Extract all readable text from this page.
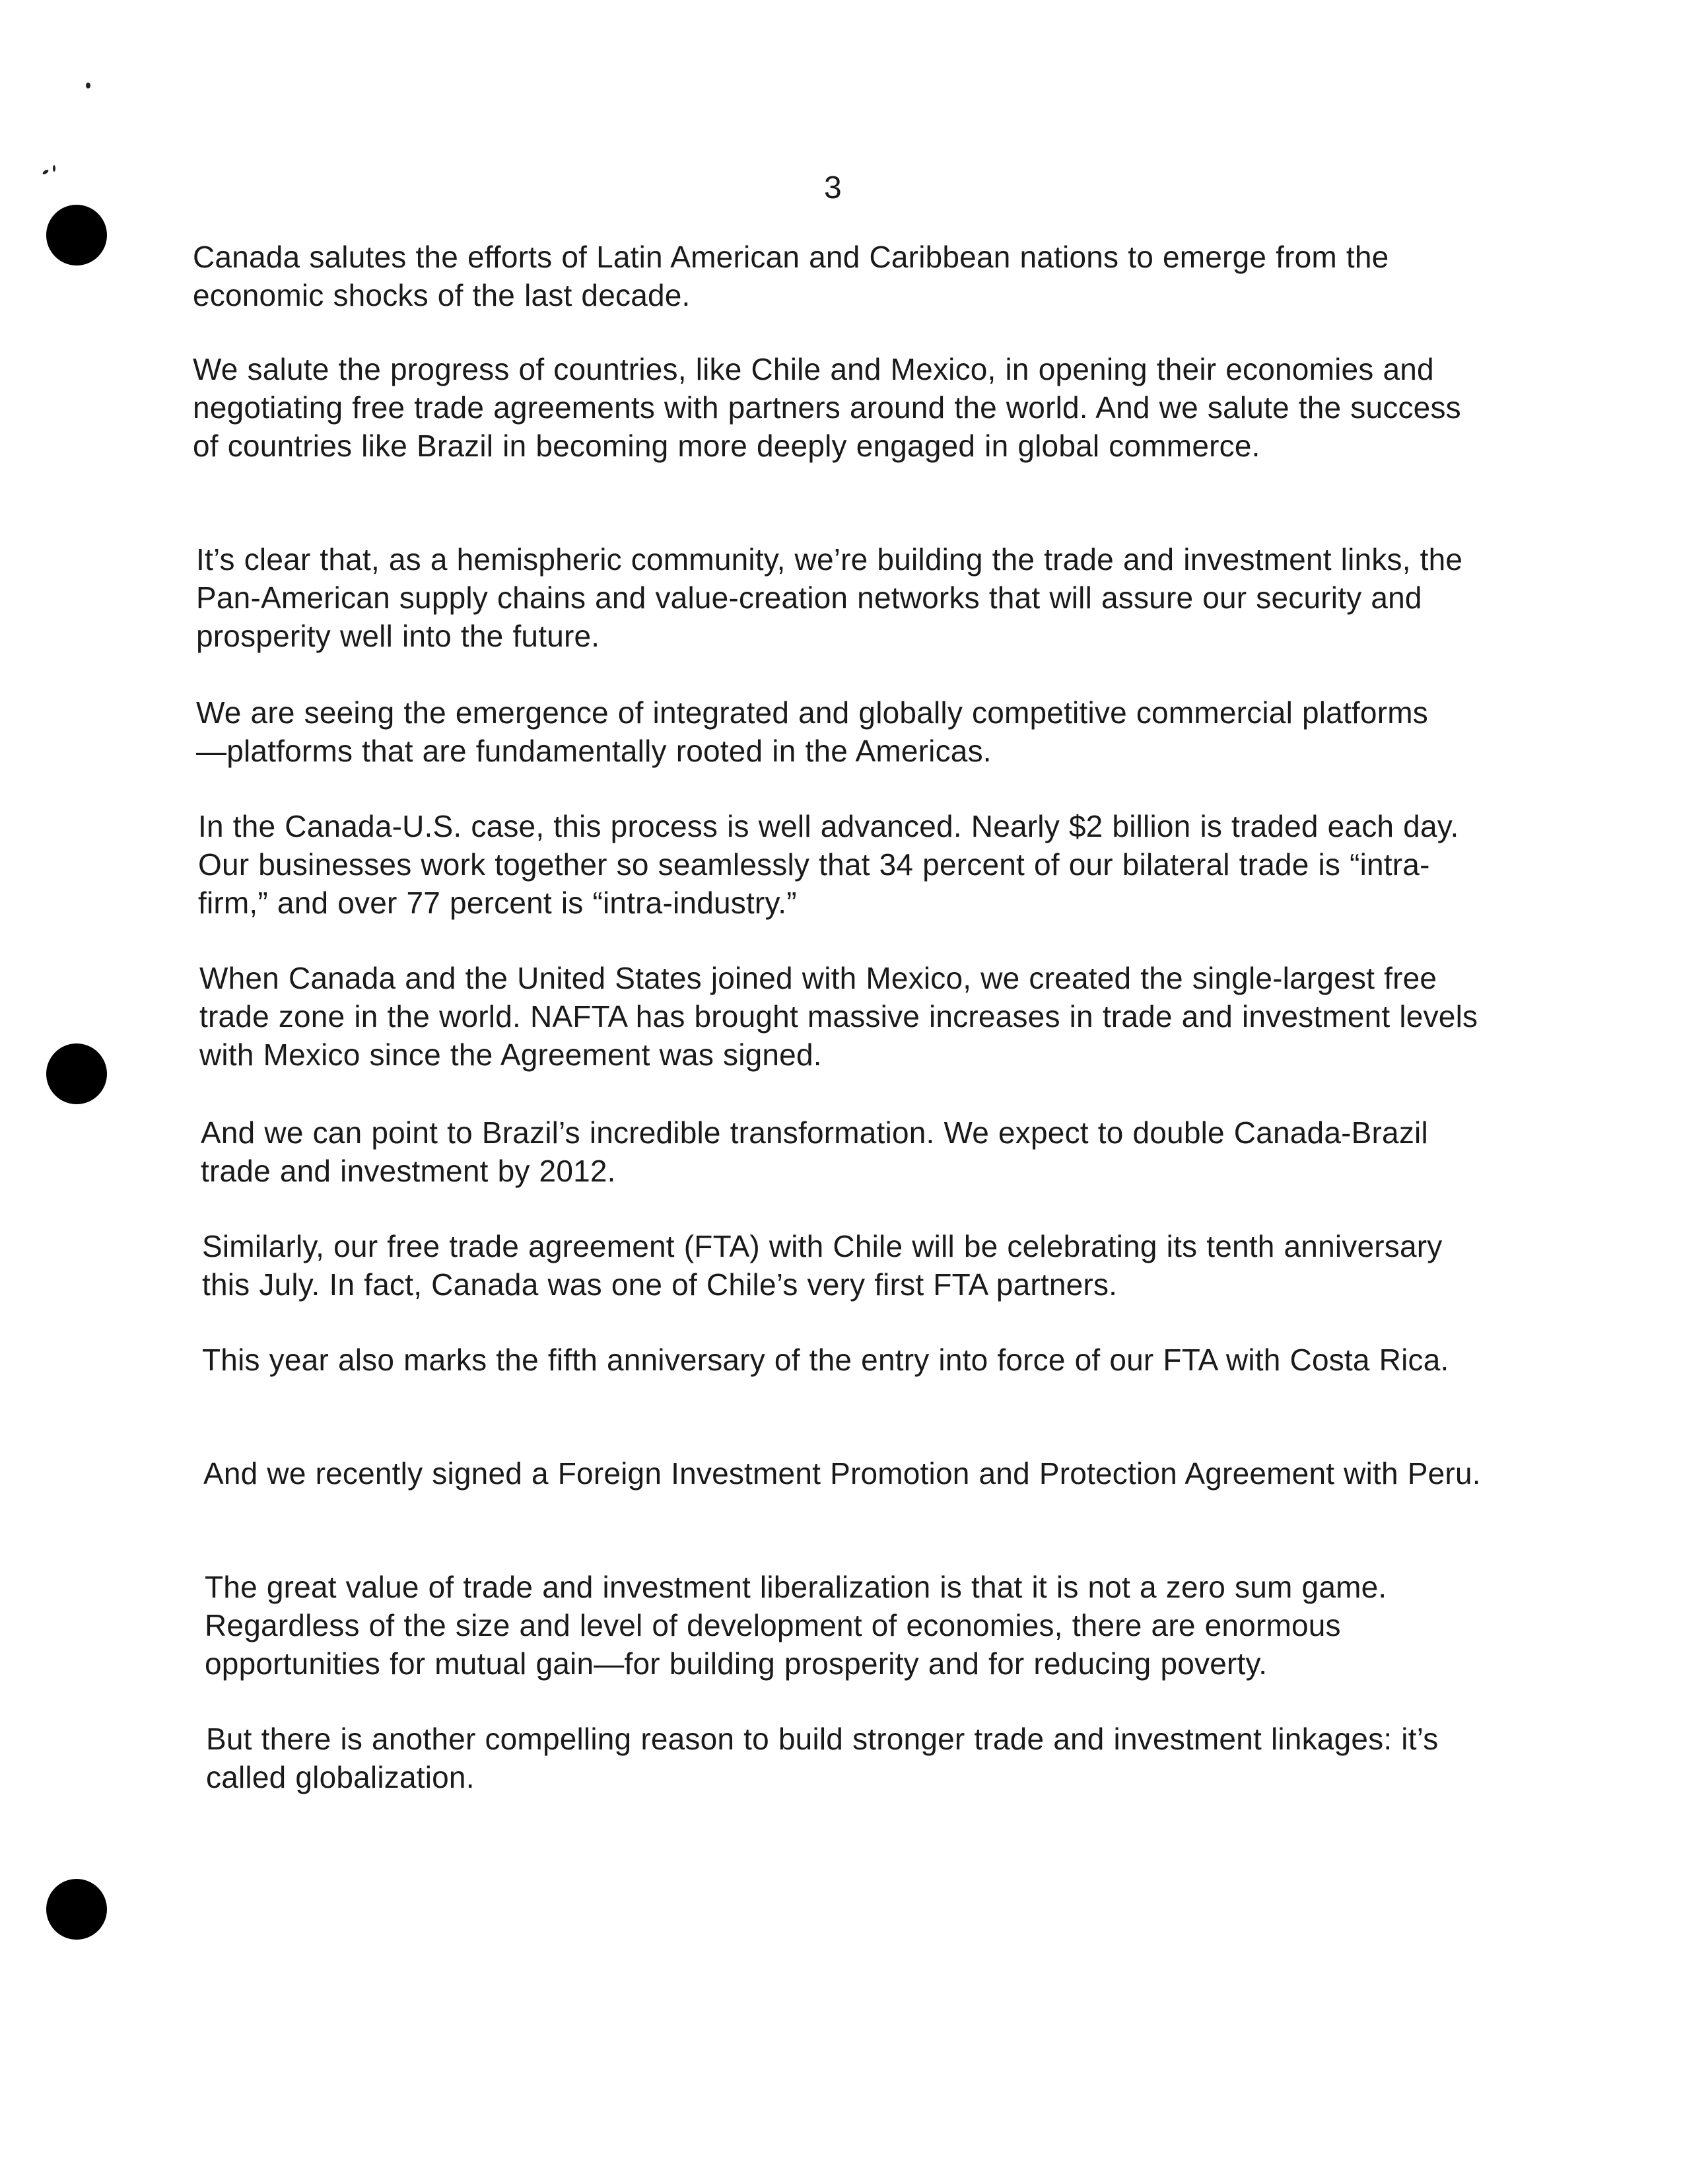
3

Canada salutes the efforts of Latin American and Caribbean nations to emerge from the economic shocks of the last decade.

We salute the progress of countries, like Chile and Mexico, in opening their economies and negotiating free trade agreements with partners around the world. And we salute the success of countries like Brazil in becoming more deeply engaged in global commerce.

It’s clear that, as a hemispheric community, we’re building the trade and investment links, the Pan-American supply chains and value-creation networks that will assure our security and prosperity well into the future.

We are seeing the emergence of integrated and globally competitive commercial platforms—platforms that are fundamentally rooted in the Americas.

In the Canada-U.S. case, this process is well advanced. Nearly $2 billion is traded each day. Our businesses work together so seamlessly that 34 percent of our bilateral trade is “intra-firm,” and over 77 percent is “intra-industry.”

When Canada and the United States joined with Mexico, we created the single-largest free trade zone in the world. NAFTA has brought massive increases in trade and investment levels with Mexico since the Agreement was signed.

And we can point to Brazil’s incredible transformation. We expect to double Canada-Brazil trade and investment by 2012.

Similarly, our free trade agreement (FTA) with Chile will be celebrating its tenth anniversary this July. In fact, Canada was one of Chile’s very first FTA partners.

This year also marks the fifth anniversary of the entry into force of our FTA with Costa Rica.

And we recently signed a Foreign Investment Promotion and Protection Agreement with Peru.

The great value of trade and investment liberalization is that it is not a zero sum game. Regardless of the size and level of development of economies, there are enormous opportunities for mutual gain—for building prosperity and for reducing poverty.

But there is another compelling reason to build stronger trade and investment linkages: it’s called globalization.
